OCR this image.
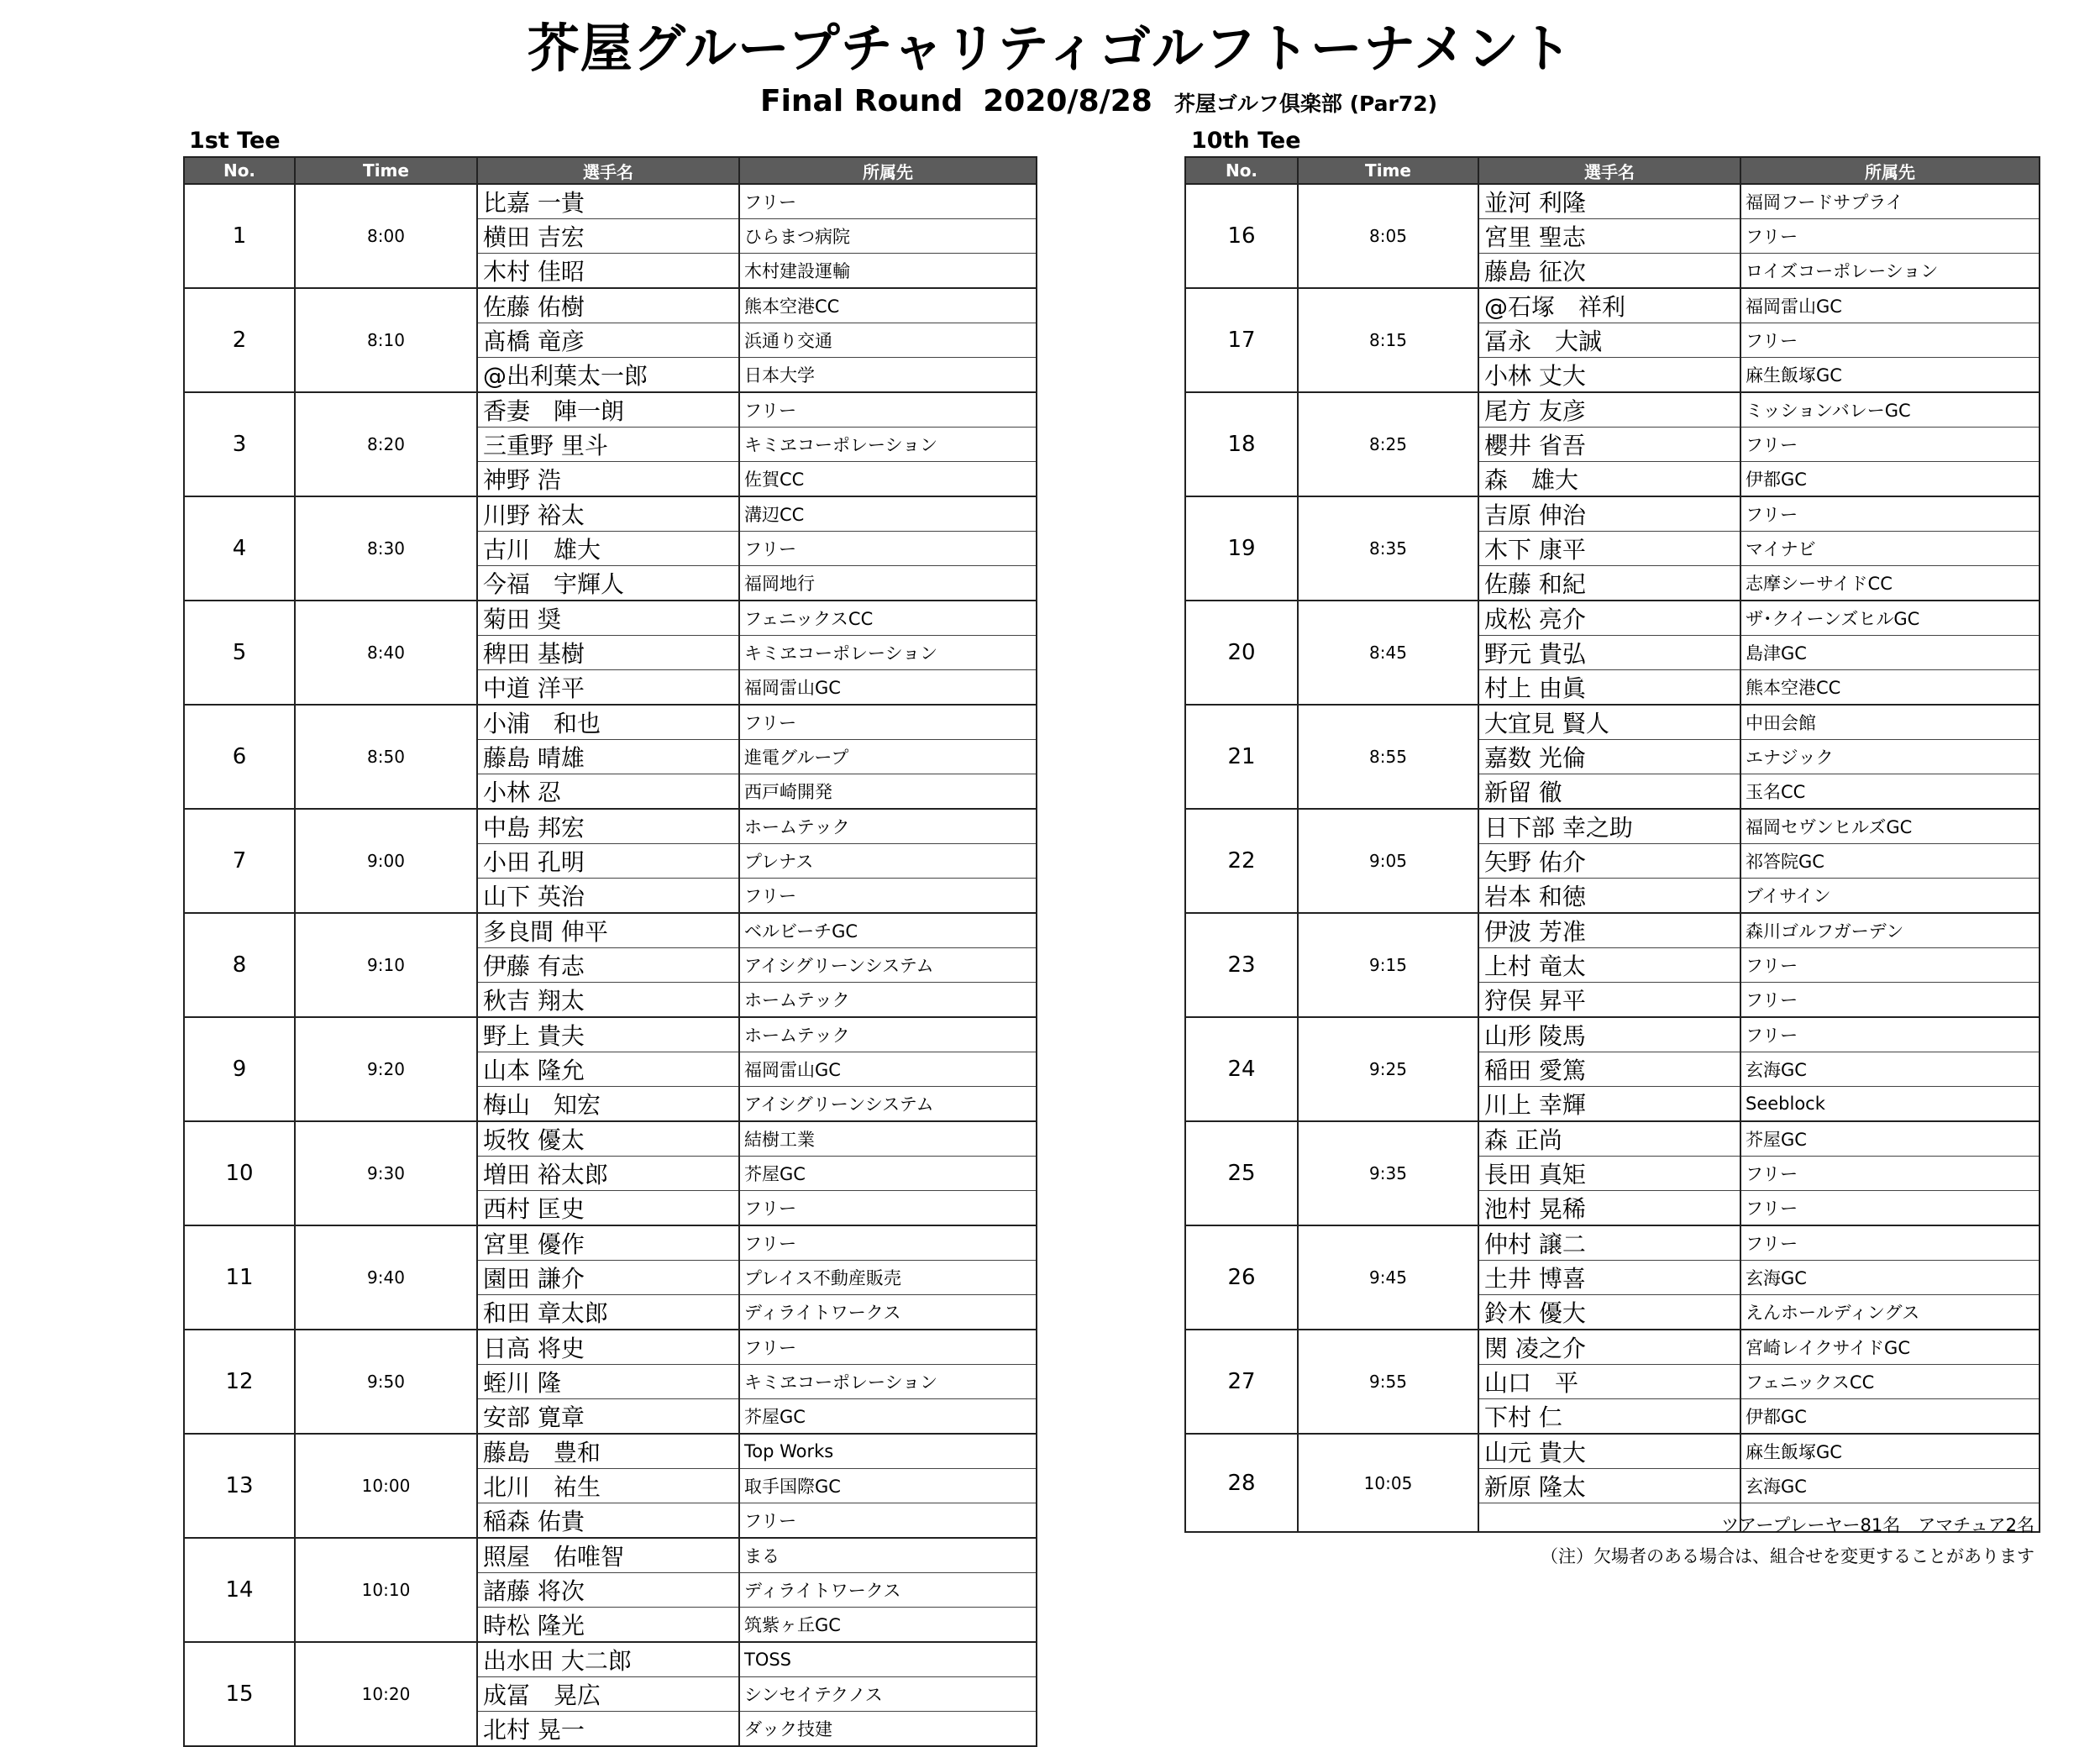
芥屋グループチャリティゴルフトーナメント
Final Round 2020/8/28 芥屋ゴルフ倶楽部 (Par72)
1st Tee	10th Tee
No.	Time	選手名	所属先
1	8:00	比嘉 一貴	フリー
		横田 吉宏	ひらまつ病院
		木村 佳昭	木村建設運輸
2	8:10	佐藤 佑樹	熊本空港CC
		髙橋 竜彦	浜通り交通
		@出利葉太一郎	日本大学
3	8:20	香妻　陣一朗	フリー
		三重野 里斗	キミヱコーポレーション
		神野 浩	佐賀CC
4	8:30	川野 裕太	溝辺CC
		古川　雄大	フリー
		今福　宇輝人	福岡地行
5	8:40	菊田 奨	フェニックスCC
		稗田 基樹	キミヱコーポレーション
		中道 洋平	福岡雷山GC
6	8:50	小浦　和也	フリー
		藤島 晴雄	進電グループ
		小林 忍	西戸崎開発
7	9:00	中島 邦宏	ホームテック
		小田 孔明	プレナス
		山下 英治	フリー
8	9:10	多良間 伸平	ベルビーチGC
		伊藤 有志	アイシグリーンシステム
		秋吉 翔太	ホームテック
9	9:20	野上 貴夫	ホームテック
		山本 隆允	福岡雷山GC
		梅山　知宏	アイシグリーンシステム
10	9:30	坂牧 優太	結樹工業
		増田 裕太郎	芥屋GC
		西村 匡史	フリー
11	9:40	宮里 優作	フリー
		園田 謙介	プレイス不動産販売
		和田 章太郎	ディライトワークス
12	9:50	日高 将史	フリー
		蛭川 隆	キミヱコーポレーション
		安部 寛章	芥屋GC
13	10:00	藤島　豊和	Top Works
		北川　祐生	取手国際GC
		稲森 佑貴	フリー
14	10:10	照屋　佑唯智	まる
		諸藤 将次	ディライトワークス
		時松 隆光	筑紫ヶ丘GC
15	10:20	出水田 大二郎	TOSS
		成冨　晃広	シンセイテクノス
		北村 晃一	ダック技建
No.	Time	選手名	所属先
16	8:05	並河 利隆	福岡フードサプライ
		宮里 聖志	フリー
		藤島 征次	ロイズコーポレーション
17	8:15	@石塚　祥利	福岡雷山GC
		冨永　大誠	フリー
		小林 丈大	麻生飯塚GC
18	8:25	尾方 友彦	ミッションバレーGC
		櫻井 省吾	フリー
		森　雄大	伊都GC
19	8:35	吉原 伸治	フリー
		木下 康平	マイナビ
		佐藤 和紀	志摩シーサイドCC
20	8:45	成松 亮介	ザ･クイーンズヒルGC
		野元 貴弘	島津GC
		村上 由眞	熊本空港CC
21	8:55	大宜見 賢人	中田会館
		嘉数 光倫	エナジック
		新留 徹	玉名CC
22	9:05	日下部 幸之助	福岡セヴンヒルズGC
		矢野 佑介	祁答院GC
		岩本 和徳	ブイサイン
23	9:15	伊波 芳准	森川ゴルフガーデン
		上村 竜太	フリー
		狩俣 昇平	フリー
24	9:25	山形 陵馬	フリー
		稲田 愛篤	玄海GC
		川上 幸輝	Seeblock
25	9:35	森 正尚	芥屋GC
		長田 真矩	フリー
		池村 晃稀	フリー
26	9:45	仲村 譲二	フリー
		土井 博喜	玄海GC
		鈴木 優大	えんホールディングス
27	9:55	関 凌之介	宮崎レイクサイドGC
		山口　平	フェニックスCC
		下村 仁	伊都GC
28	10:05	山元 貴大	麻生飯塚GC
		新原 隆太	玄海GC

ツアープレーヤー81名　アマチュア2名
（注）欠場者のある場合は、組合せを変更することがあります
